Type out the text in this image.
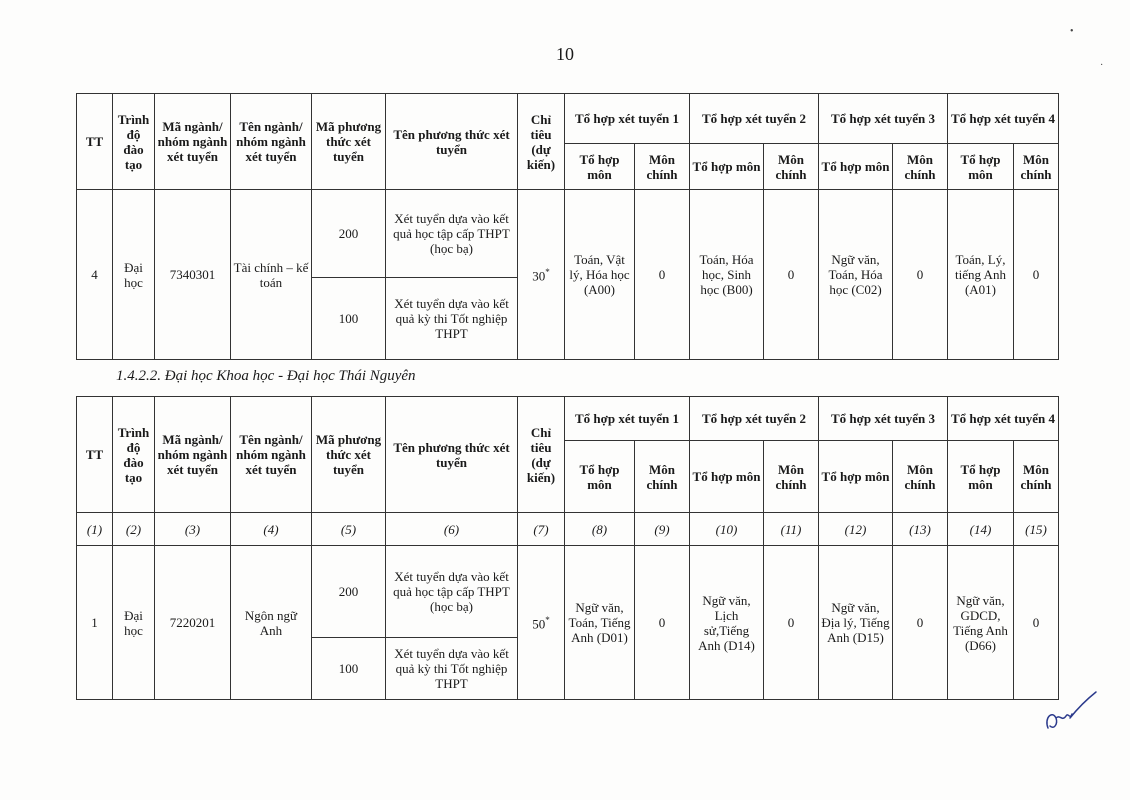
10
TT	Trình độ đào tạo	Mã ngành/ nhóm ngành xét tuyển	Tên ngành/ nhóm ngành xét tuyển	Mã phương thức xét tuyển	Tên phương thức xét tuyển	Chỉ tiêu (dự kiến)	Tổ hợp xét tuyển 1		Tổ hợp xét tuyển 2		Tổ hợp xét tuyển 3		Tổ hợp xét tuyển 4	
							Tổ hợp môn	Môn chính	Tổ hợp môn	Môn chính	Tổ hợp môn	Môn chính	Tổ hợp môn	Môn chính
4	Đại học	7340301	Tài chính – kế toán	200	Xét tuyển dựa vào kết quả học tập cấp THPT (học bạ)	30*	Toán, Vật lý, Hóa học (A00)	0	Toán, Hóa học, Sinh học (B00)	0	Ngữ văn, Toán, Hóa học (C02)	0	Toán, Lý, tiếng Anh (A01)	0
				100	Xét tuyển dựa vào kết quả kỳ thi Tốt nghiệp THPT									
1.4.2.2. Đại học Khoa học - Đại học Thái Nguyên
TT	Trình độ đào tạo	Mã ngành/ nhóm ngành xét tuyển	Tên ngành/ nhóm ngành xét tuyển	Mã phương thức xét tuyển	Tên phương thức xét tuyển	Chỉ tiêu (dự kiến)	Tổ hợp xét tuyển 1		Tổ hợp xét tuyển 2		Tổ hợp xét tuyển 3		Tổ hợp xét tuyển 4	
							Tổ hợp môn	Môn chính	Tổ hợp môn	Môn chính	Tổ hợp môn	Môn chính	Tổ hợp môn	Môn chính
(1)	(2)	(3)	(4)	(5)	(6)	(7)	(8)	(9)	(10)	(11)	(12)	(13)	(14)	(15)
1	Đại học	7220201	Ngôn ngữ Anh	200	Xét tuyển dựa vào kết quả học tập cấp THPT (học bạ)	50*	Ngữ văn, Toán, Tiếng Anh (D01)	0	Ngữ văn, Lịch sử,Tiếng Anh (D14)	0	Ngữ văn, Địa lý, Tiếng Anh (D15)	0	Ngữ văn, GDCD, Tiếng Anh (D66)	0
				100	Xét tuyển dựa vào kết quả kỳ thi Tốt nghiệp THPT									
•
·
